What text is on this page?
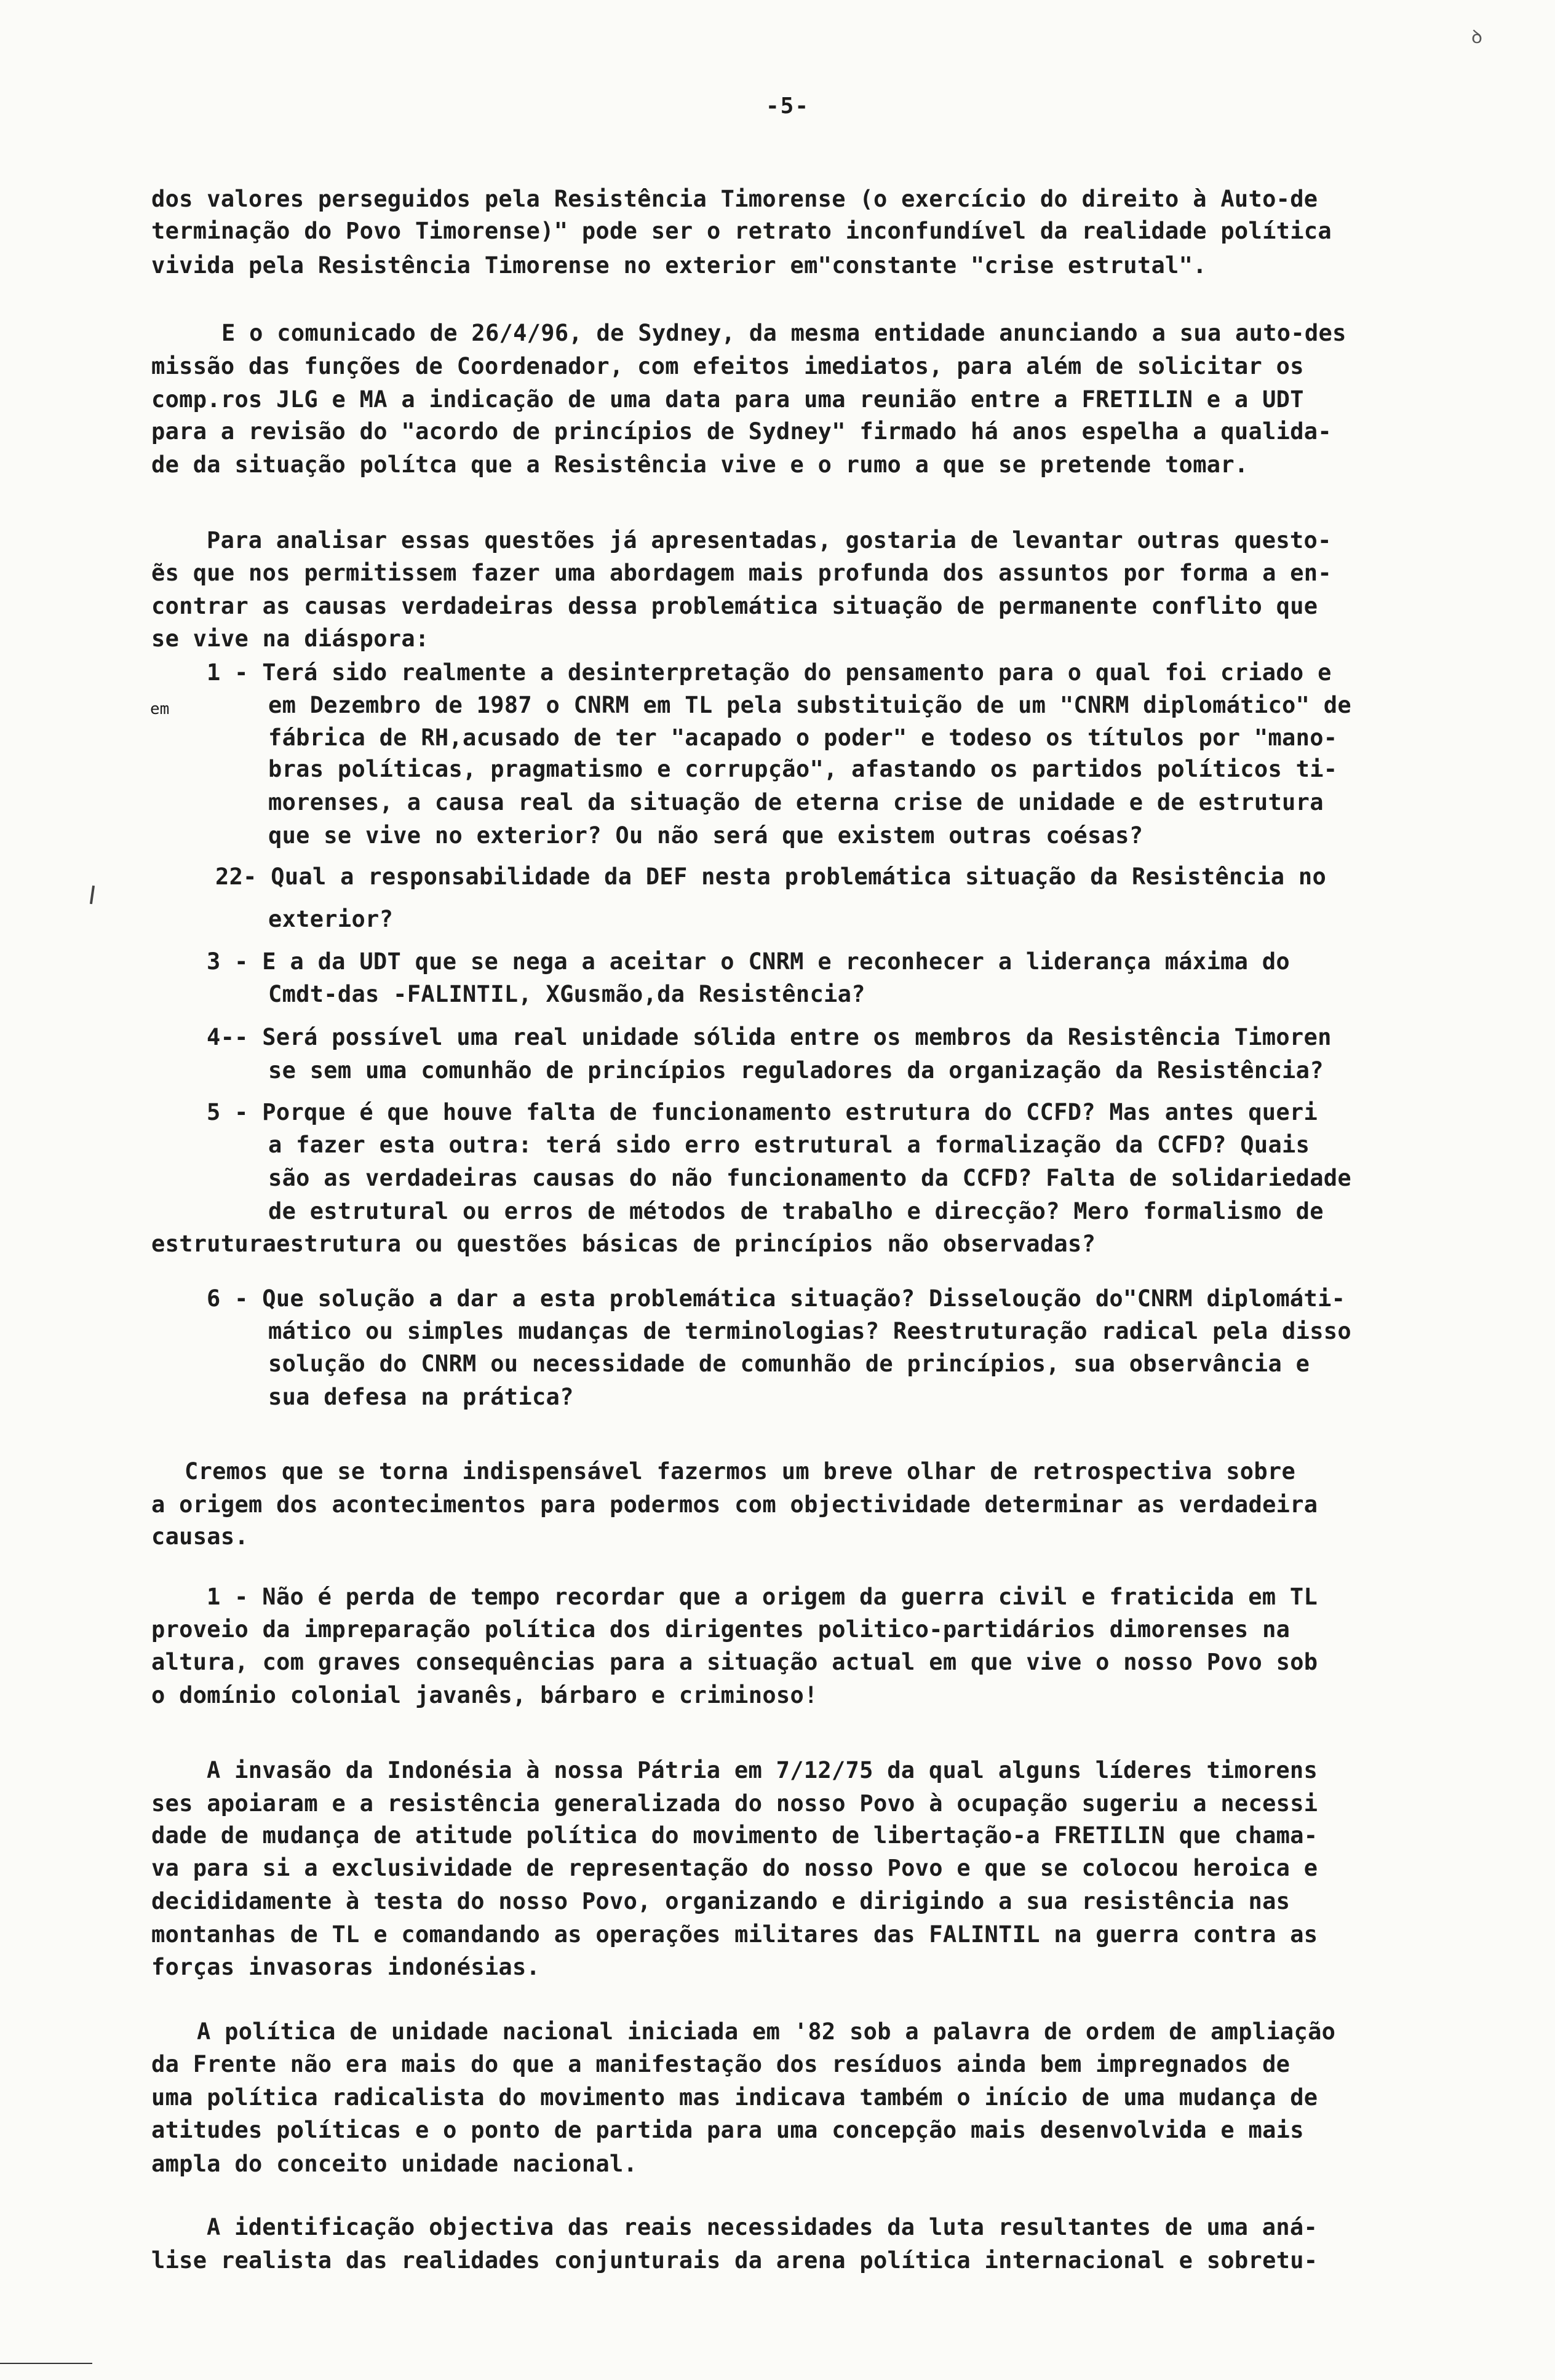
-5-
ꝺ
em
dos valores perseguidos pela Resistência Timorense (o exercício do direito à Auto-de
terminação do Povo Timorense)" pode ser o retrato inconfundível da realidade política
vivida pela Resistência Timorense no exterior em"constante "crise estrutal".
E o comunicado de 26/4/96, de Sydney, da mesma entidade anunciando a sua auto-des
missão das funções de Coordenador, com efeitos imediatos, para além de solicitar os
comp.ros JLG e MA a indicação de uma data para uma reunião entre a FRETILIN e a UDT
para a revisão do "acordo de princípios de Sydney" firmado há anos espelha a qualida-
de da situação polítca que a Resistência vive e o rumo a que se pretende tomar.
Para analisar essas questões já apresentadas, gostaria de levantar outras questo-
ẽs que nos permitissem fazer uma abordagem mais profunda dos assuntos por forma a en-
contrar as causas verdadeiras dessa problemática situação de permanente conflito que
se vive na diáspora:
1 - Terá sido realmente a desinterpretação do pensamento para o qual foi criado e
em Dezembro de 1987 o CNRM em TL pela substituição de um "CNRM diplomático" de
fábrica de RH,acusado de ter "acapado o poder" e todeso os títulos por "mano-
bras políticas, pragmatismo e corrupção", afastando os partidos políticos ti-
morenses, a causa real da situação de eterna crise de unidade e de estrutura
que se vive no exterior? Ou não será que existem outras coésas?
22- Qual a responsabilidade da DEF nesta problemática situação da Resistência no
exterior?
3 - E a da UDT que se nega a aceitar o CNRM e reconhecer a liderança máxima do
Cmdt-das -FALINTIL, XGusmão,da Resistência?
4-- Será possível uma real unidade sólida entre os membros da Resistência Timoren
se sem uma comunhão de princípios reguladores da organização da Resistência?
5 - Porque é que houve falta de funcionamento estrutura do CCFD? Mas antes queri
a fazer esta outra: terá sido erro estrutural a formalização da CCFD? Quais
são as verdadeiras causas do não funcionamento da CCFD? Falta de solidariedade
de estrutural ou erros de métodos de trabalho e direcção? Mero formalismo de
estruturaestrutura ou questões básicas de princípios não observadas?
6 - Que solução a dar a esta problemática situação? Disseloução do"CNRM diplomáti-
mático ou simples mudanças de terminologias? Reestruturação radical pela disso
solução do CNRM ou necessidade de comunhão de princípios, sua observância e
sua defesa na prática?
Cremos que se torna indispensável fazermos um breve olhar de retrospectiva sobre
a origem dos acontecimentos para podermos com objectividade determinar as verdadeira
causas.
1 - Não é perda de tempo recordar que a origem da guerra civil e fraticida em TL
proveio da impreparação política dos dirigentes politico-partidários dimorenses na
altura, com graves consequências para a situação actual em que vive o nosso Povo sob
o domínio colonial javanês, bárbaro e criminoso!
A invasão da Indonésia à nossa Pátria em 7/12/75 da qual alguns líderes timorens
ses apoiaram e a resistência generalizada do nosso Povo à ocupação sugeriu a necessi
dade de mudança de atitude política do movimento de libertação-a FRETILIN que chama-
va para si a exclusividade de representação do nosso Povo e que se colocou heroica e
decididamente à testa do nosso Povo, organizando e dirigindo a sua resistência nas
montanhas de TL e comandando as operações militares das FALINTIL na guerra contra as
forças invasoras indonésias.
A política de unidade nacional iniciada em '82 sob a palavra de ordem de ampliação
da Frente não era mais do que a manifestação dos resíduos ainda bem impregnados de
uma política radicalista do movimento mas indicava também o início de uma mudança de
atitudes políticas e o ponto de partida para uma concepção mais desenvolvida e mais
ampla do conceito unidade nacional.
A identificação objectiva das reais necessidades da luta resultantes de uma aná-
lise realista das realidades conjunturais da arena política internacional e sobretu-
